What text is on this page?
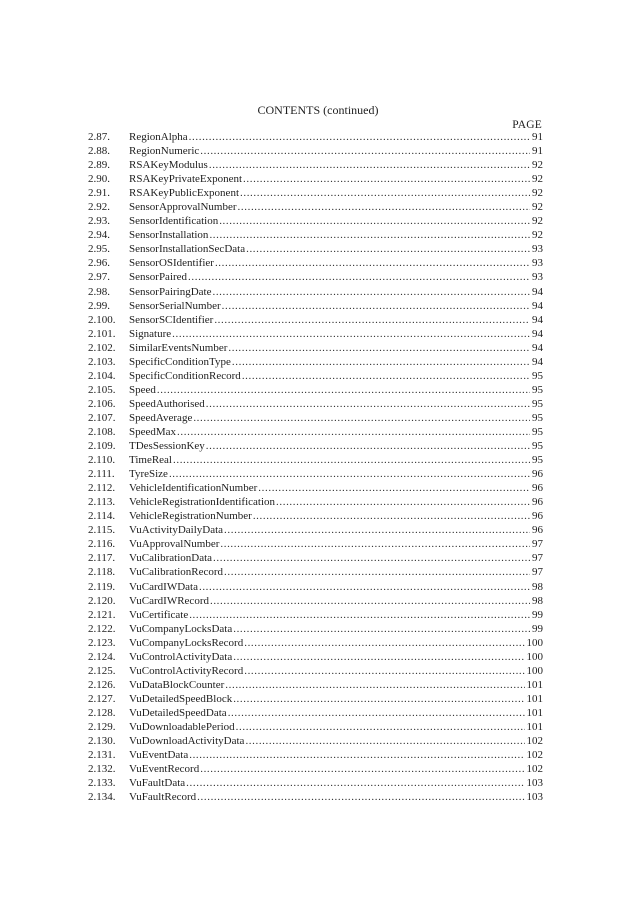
CONTENTS (continued)
PAGE
2.87.	RegionAlpha .....	91
2.88.	RegionNumeric .....	91
2.89.	RSAKeyModulus .....	92
2.90.	RSAKeyPrivateExponent .....	92
2.91.	RSAKeyPublicExponent .....	92
2.92.	SensorApprovalNumber .....	92
2.93.	SensorIdentification .....	92
2.94.	SensorInstallation .....	92
2.95.	SensorInstallationSecData .....	93
2.96.	SensorOSIdentifier .....	93
2.97.	SensorPaired .....	93
2.98.	SensorPairingDate .....	94
2.99.	SensorSerialNumber .....	94
2.100.	SensorSCIdentifier .....	94
2.101.	Signature .....	94
2.102.	SimilarEventsNumber .....	94
2.103.	SpecificConditionType .....	94
2.104.	SpecificConditionRecord .....	95
2.105.	Speed .....	95
2.106.	SpeedAuthorised .....	95
2.107.	SpeedAverage .....	95
2.108.	SpeedMax .....	95
2.109.	TDesSessionKey .....	95
2.110.	TimeReal .....	95
2.111.	TyreSize .....	96
2.112.	VehicleIdentificationNumber .....	96
2.113.	VehicleRegistrationIdentification .....	96
2.114.	VehicleRegistrationNumber .....	96
2.115.	VuActivityDailyData .....	96
2.116.	VuApprovalNumber .....	97
2.117.	VuCalibrationData .....	97
2.118.	VuCalibrationRecord .....	97
2.119.	VuCardIWData .....	98
2.120.	VuCardIWRecord .....	98
2.121.	VuCertificate .....	99
2.122.	VuCompanyLocksData .....	99
2.123.	VuCompanyLocksRecord .....	100
2.124.	VuControlActivityData .....	100
2.125.	VuControlActivityRecord .....	100
2.126.	VuDataBlockCounter .....	101
2.127.	VuDetailedSpeedBlock .....	101
2.128.	VuDetailedSpeedData .....	101
2.129.	VuDownloadablePeriod .....	101
2.130.	VuDownloadActivityData .....	102
2.131.	VuEventData .....	102
2.132.	VuEventRecord .....	102
2.133.	VuFaultData .....	103
2.134.	VuFaultRecord .....	103
